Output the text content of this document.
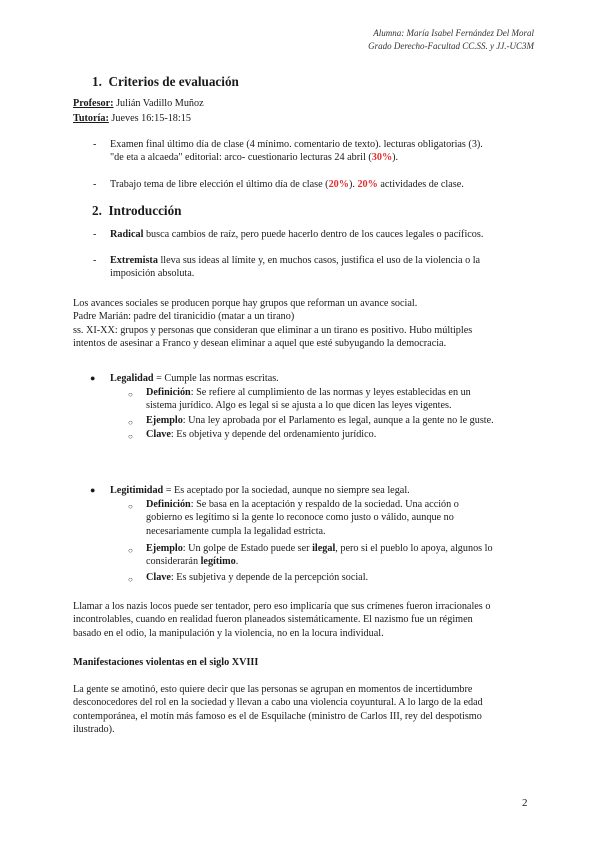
Alumna: María Isabel Fernández Del Moral
Grado Derecho-Facultad CC.SS. y JJ.-UC3M
1. Criterios de evaluación
Profesor: Julián Vadillo Muñoz
Tutoría: Jueves 16:15-18:15
- Examen final último día de clase (4 mínimo. comentario de texto). lecturas obligatorias (3).
"de eta a alcaeda" editorial: arco- cuestionario lecturas 24 abril (30%).
- Trabajo tema de libre elección el último día de clase (20%). 20% actividades de clase.
2. Introducción
- Radical busca cambios de raíz, pero puede hacerlo dentro de los cauces legales o pacíficos.
- Extremista lleva sus ideas al límite y, en muchos casos, justifica el uso de la violencia o la
imposición absoluta.
Los avances sociales se producen porque hay grupos que reforman un avance social.
Padre Marián: padre del tiranicidio (matar a un tirano)
ss. XI-XX: grupos y personas que consideran que eliminar a un tirano es positivo. Hubo múltiples
intentos de asesinar a Franco y desean eliminar a aquel que esté subyugando la democracia.
● Legalidad = Cumple las normas escritas.
○ Definición: Se refiere al cumplimiento de las normas y leyes establecidas en un
sistema jurídico. Algo es legal si se ajusta a lo que dicen las leyes vigentes.
○ Ejemplo: Una ley aprobada por el Parlamento es legal, aunque a la gente no le guste.
○ Clave: Es objetiva y depende del ordenamiento jurídico.
● Legitimidad = Es aceptado por la sociedad, aunque no siempre sea legal.
○ Definición: Se basa en la aceptación y respaldo de la sociedad. Una acción o
gobierno es legítimo si la gente lo reconoce como justo o válido, aunque no
necesariamente cumpla la legalidad estricta.
○ Ejemplo: Un golpe de Estado puede ser ilegal, pero si el pueblo lo apoya, algunos lo
considerarán legítimo.
○ Clave: Es subjetiva y depende de la percepción social.
Llamar a los nazis locos puede ser tentador, pero eso implicaría que sus crímenes fueron irracionales o
incontrolables, cuando en realidad fueron planeados sistemáticamente. El nazismo fue un régimen
basado en el odio, la manipulación y la violencia, no en la locura individual.
Manifestaciones violentas en el siglo XVIII
La gente se amotinó, esto quiere decir que las personas se agrupan en momentos de incertidumbre
desconocedores del rol en la sociedad y llevan a cabo una violencia coyuntural. A lo largo de la edad
contemporánea, el motín más famoso es el de Esquilache (ministro de Carlos III, rey del despotismo
ilustrado).
2
